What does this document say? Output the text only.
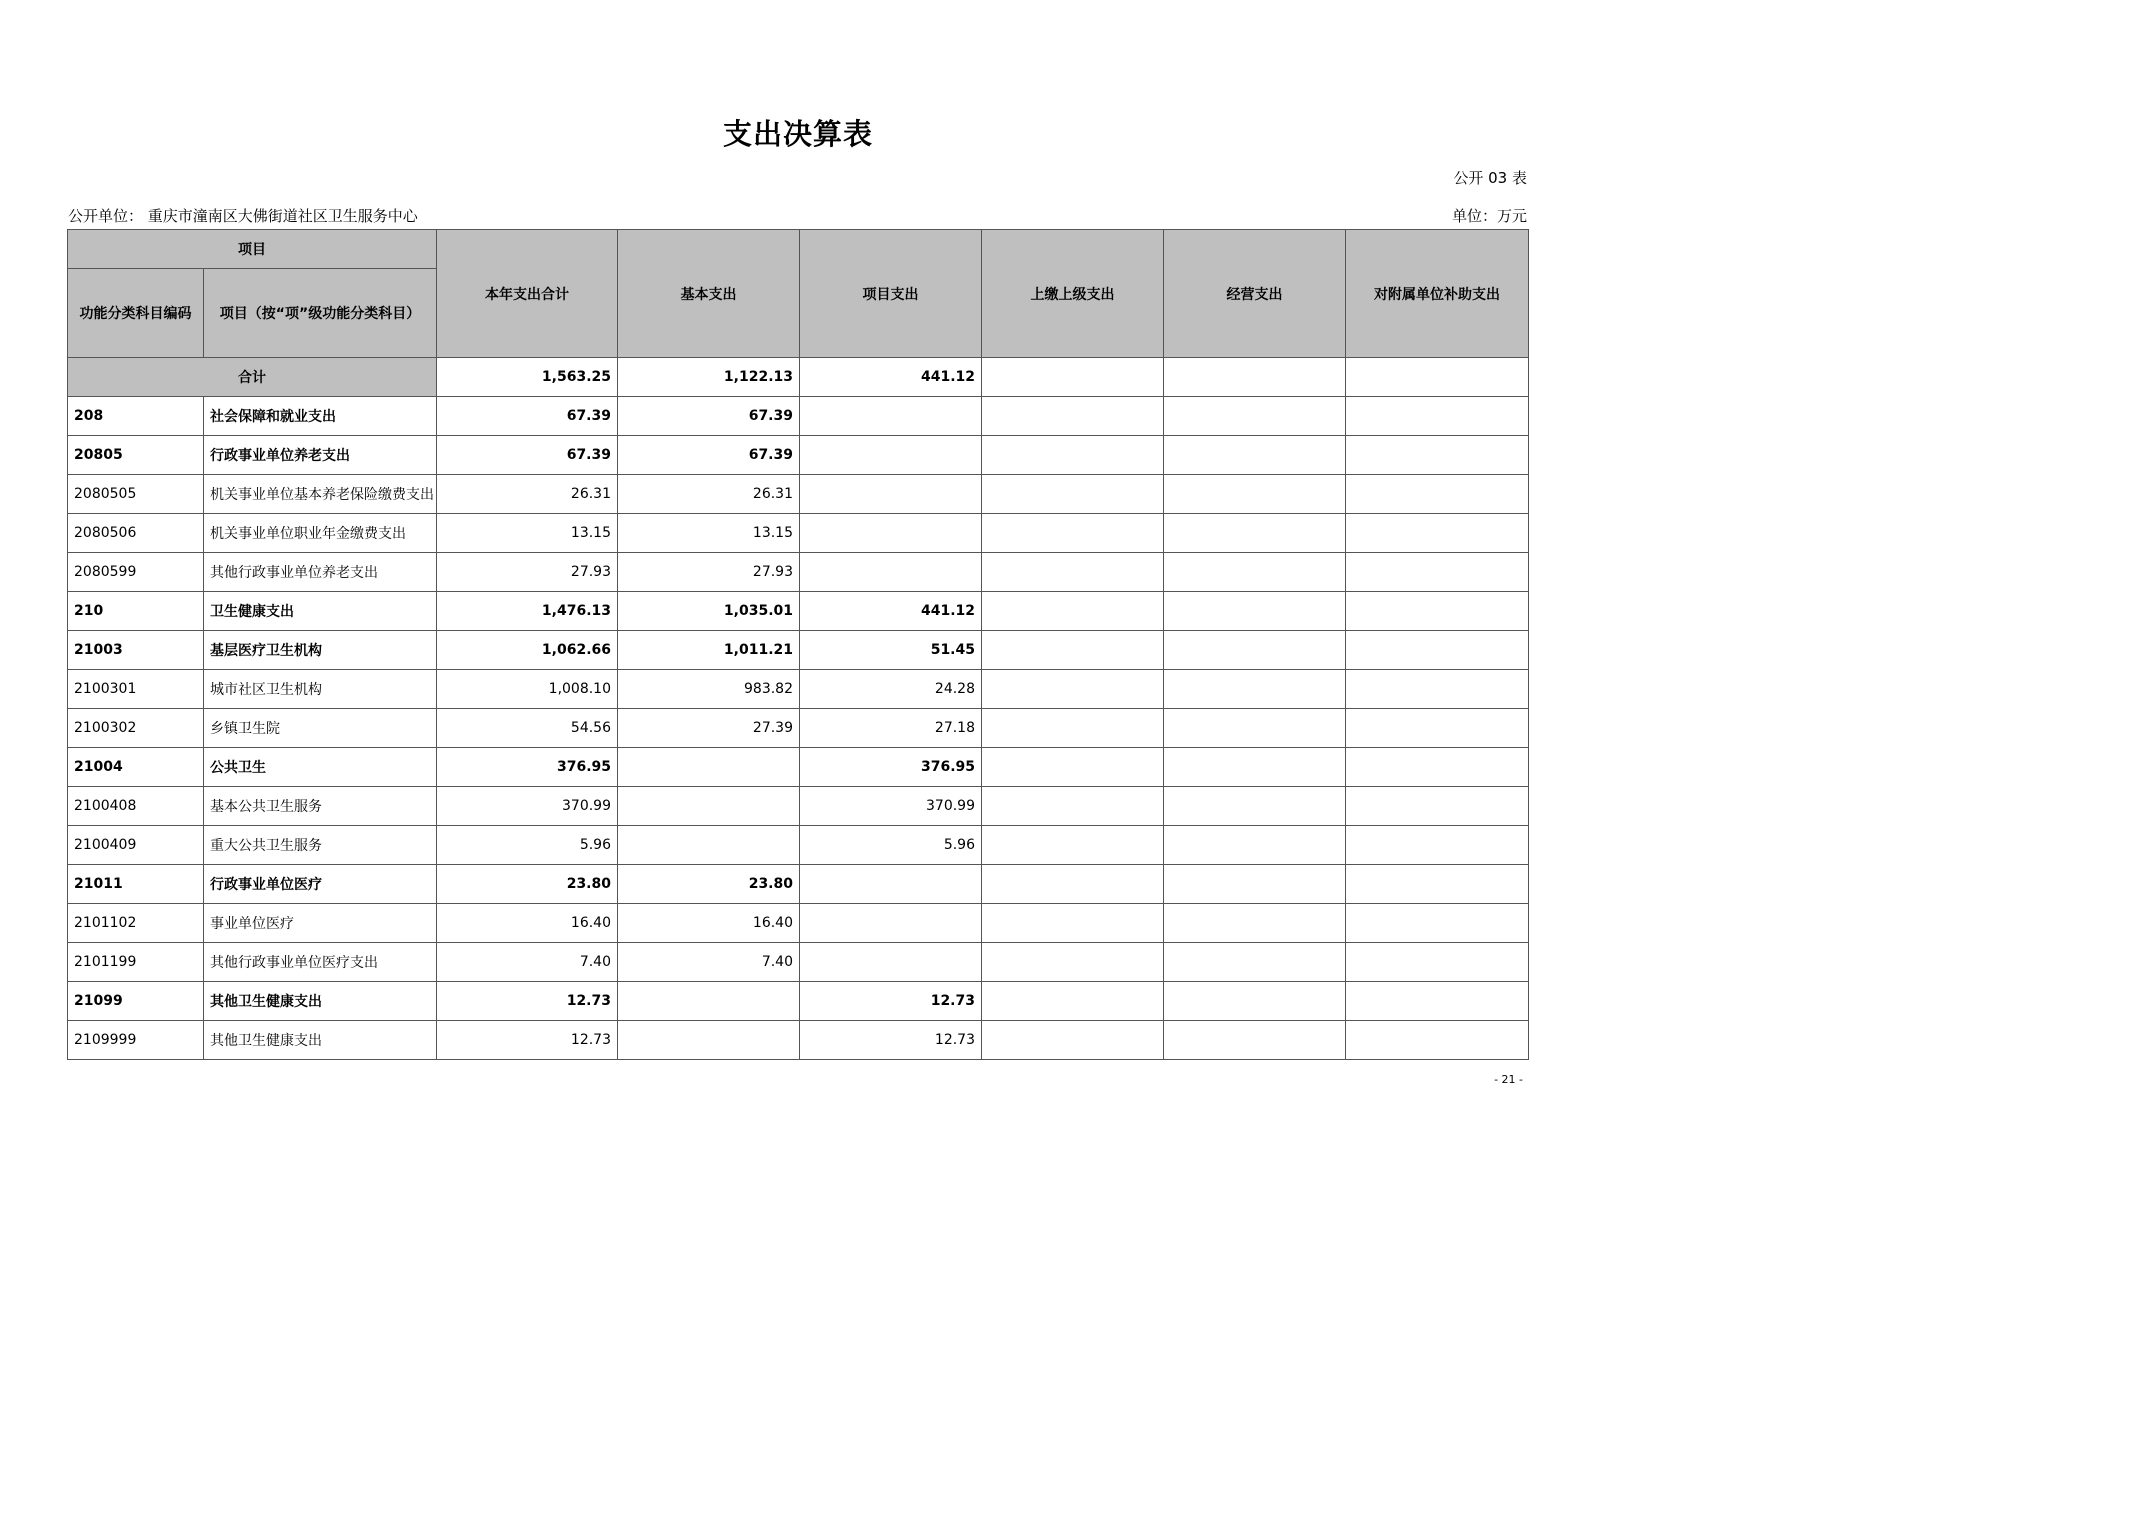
支出决算表
公开 03 表
公开单位： 重庆市潼南区大佛街道社区卫生服务中心	单位：万元
项目		本年支出合计	基本支出	项目支出	上缴上级支出	经营支出	对附属单位补助支出
功能分类科目编码	项目（按“项”级功能分类科目）						
合计		1,563.25	1,122.13	441.12			
208	社会保障和就业支出	67.39	67.39				
20805	行政事业单位养老支出	67.39	67.39				
2080505	机关事业单位基本养老保险缴费支出	26.31	26.31				
2080506	机关事业单位职业年金缴费支出	13.15	13.15				
2080599	其他行政事业单位养老支出	27.93	27.93				
210	卫生健康支出	1,476.13	1,035.01	441.12			
21003	基层医疗卫生机构	1,062.66	1,011.21	51.45			
2100301	城市社区卫生机构	1,008.10	983.82	24.28			
2100302	乡镇卫生院	54.56	27.39	27.18			
21004	公共卫生	376.95		376.95			
2100408	基本公共卫生服务	370.99		370.99			
2100409	重大公共卫生服务	5.96		5.96			
21011	行政事业单位医疗	23.80	23.80				
2101102	事业单位医疗	16.40	16.40				
2101199	其他行政事业单位医疗支出	7.40	7.40				
21099	其他卫生健康支出	12.73		12.73			
2109999	其他卫生健康支出	12.73		12.73			
- 21 -
